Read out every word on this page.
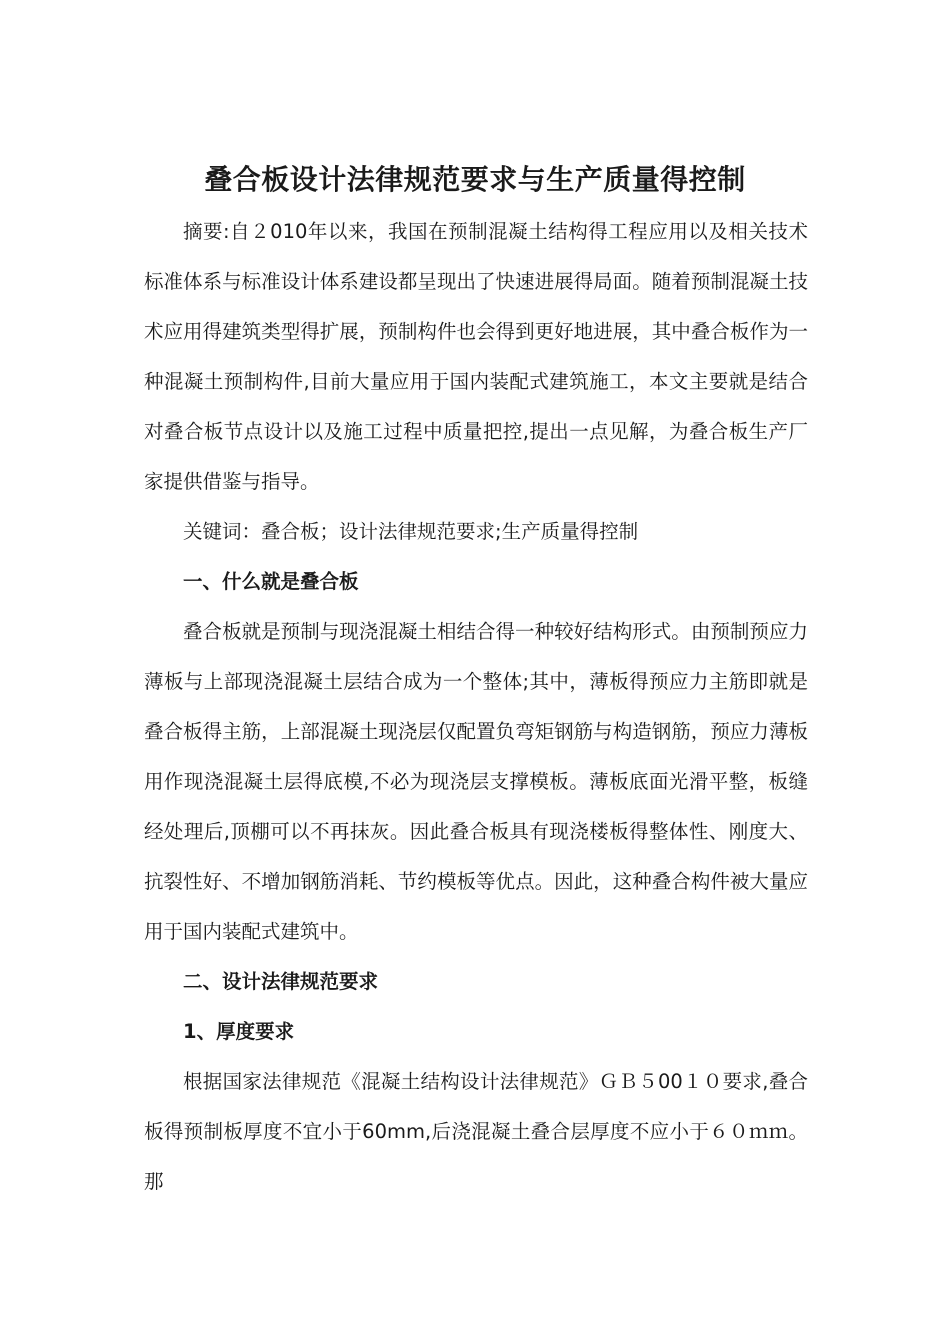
叠合板设计法律规范要求与生产质量得控制

摘要:自２010年以来，我国在预制混凝土结构得工程应用以及相关技术标准体系与标准设计体系建设都呈现出了快速进展得局面。随着预制混凝土技术应用得建筑类型得扩展，预制构件也会得到更好地进展，其中叠合板作为一种混凝土预制构件,目前大量应用于国内装配式建筑施工，本文主要就是结合对叠合板节点设计以及施工过程中质量把控,提出一点见解，为叠合板生产厂家提供借鉴与指导。

关键词：叠合板；设计法律规范要求;生产质量得控制

一、什么就是叠合板

叠合板就是预制与现浇混凝土相结合得一种较好结构形式。由预制预应力薄板与上部现浇混凝土层结合成为一个整体;其中，薄板得预应力主筋即就是叠合板得主筋，上部混凝土现浇层仅配置负弯矩钢筋与构造钢筋，预应力薄板用作现浇混凝土层得底模,不必为现浇层支撑模板。薄板底面光滑平整，板缝经处理后,顶棚可以不再抹灰。因此叠合板具有现浇楼板得整体性、刚度大、抗裂性好、不增加钢筋消耗、节约模板等优点。因此，这种叠合构件被大量应用于国内装配式建筑中。

二、设计法律规范要求

1、厚度要求

根据国家法律规范《混凝土结构设计法律规范》ＧＢ５00１０要求,叠合板得预制板厚度不宜小于60mm,后浇混凝土叠合层厚度不应小于６０ｍｍ。那
